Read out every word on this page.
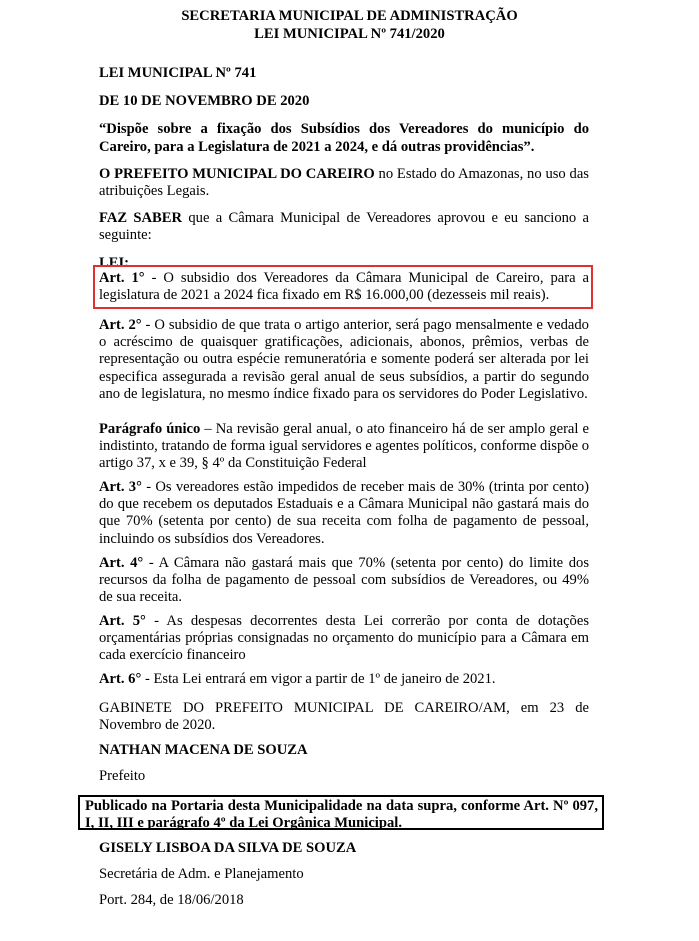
SECRETARIA MUNICIPAL DE ADMINISTRAÇÃO
LEI MUNICIPAL Nº 741/2020

LEI MUNICIPAL Nº 741

DE 10 DE NOVEMBRO DE 2020

“Dispõe sobre a fixação dos Subsídios dos Vereadores do município do Careiro, para a Legislatura de 2021 a 2024, e dá outras providências”.

O PREFEITO MUNICIPAL DO CAREIRO no Estado do Amazonas, no uso das atribuições Legais.

FAZ SABER que a Câmara Municipal de Vereadores aprovou e eu sanciono a seguinte:

LEI:

Art. 1° - O subsidio dos Vereadores da Câmara Municipal de Careiro, para a legislatura de 2021 a 2024 fica fixado em R$ 16.000,00 (dezesseis mil reais).

Art. 2° - O subsidio de que trata o artigo anterior, será pago mensalmente e vedado o acréscimo de quaisquer gratificações, adicionais, abonos, prêmios, verbas de representação ou outra espécie remuneratória e somente poderá ser alterada por lei especifica assegurada a revisão geral anual de seus subsídios, a partir do segundo ano de legislatura, no mesmo índice fixado para os servidores do Poder Legislativo.

Parágrafo único – Na revisão geral anual, o ato financeiro há de ser amplo geral e indistinto, tratando de forma igual servidores e agentes políticos, conforme dispõe o artigo 37, x e 39, § 4º da Constituição Federal

Art. 3° - Os vereadores estão impedidos de receber mais de 30% (trinta por cento) do que recebem os deputados Estaduais e a Câmara Municipal não gastará mais do que 70% (setenta por cento) de sua receita com folha de pagamento de pessoal, incluindo os subsídios dos Vereadores.

Art. 4° - A Câmara não gastará mais que 70% (setenta por cento) do limite dos recursos da folha de pagamento de pessoal com subsídios de Vereadores, ou 49% de sua receita.

Art. 5° - As despesas decorrentes desta Lei correrão por conta de dotações orçamentárias próprias consignadas no orçamento do município para a Câmara em cada exercício financeiro

Art. 6° - Esta Lei entrará em vigor a partir de 1º de janeiro de 2021.

GABINETE DO PREFEITO MUNICIPAL DE CAREIRO/AM, em 23 de Novembro de 2020.

NATHAN MACENA DE SOUZA

Prefeito

Publicado na Portaria desta Municipalidade na data supra, conforme Art. Nº 097, I, II, III e parágrafo 4º da Lei Orgânica Municipal.

GISELY LISBOA DA SILVA DE SOUZA

Secretária de Adm. e Planejamento

Port. 284, de 18/06/2018
